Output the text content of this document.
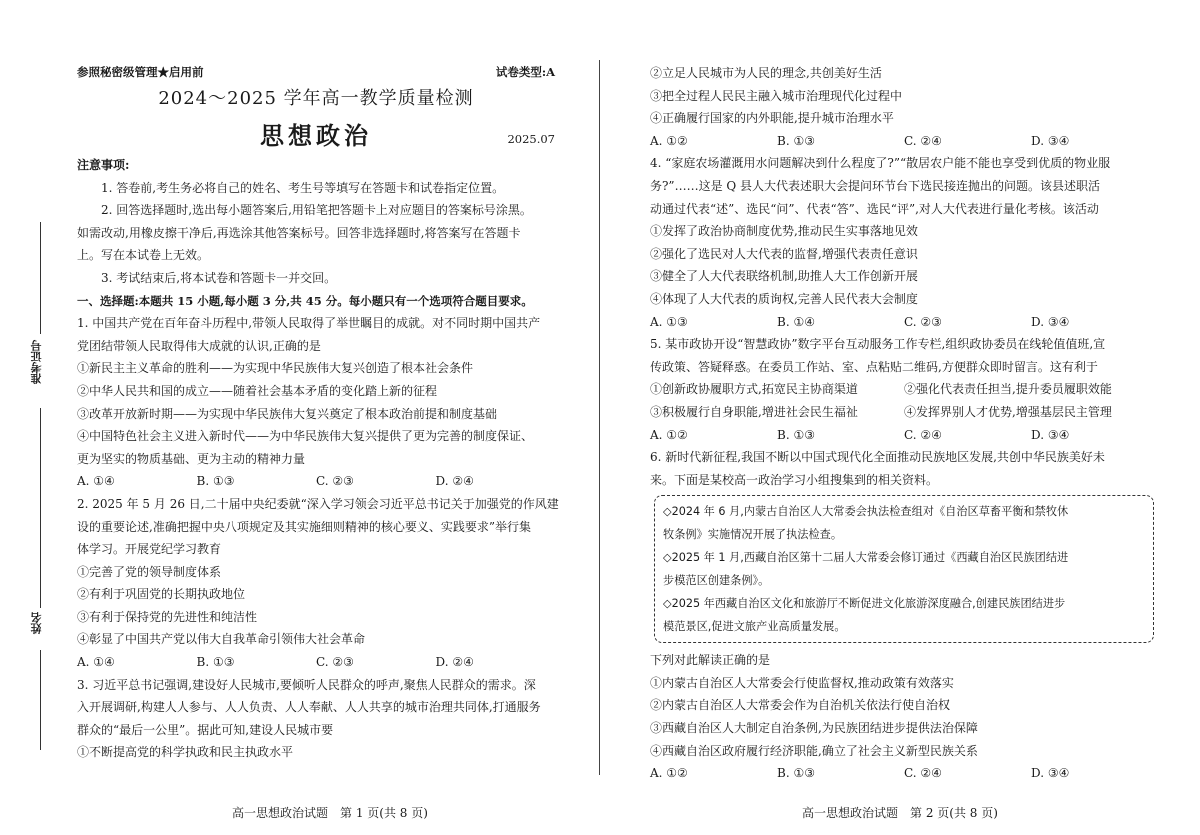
准考证号
姓名
参照秘密级管理★启用前	试卷类型:A
2024～2025 学年高一教学质量检测
思想政治	2025.07
注意事项:
1. 答卷前,考生务必将自己的姓名、考生号等填写在答题卡和试卷指定位置。
2. 回答选择题时,选出每小题答案后,用铅笔把答题卡上对应题目的答案标号涂黑。
如需改动,用橡皮擦干净后,再选涂其他答案标号。回答非选择题时,将答案写在答题卡
上。写在本试卷上无效。
3. 考试结束后,将本试卷和答题卡一并交回。
一、选择题:本题共 15 小题,每小题 3 分,共 45 分。每小题只有一个选项符合题目要求。
1. 中国共产党在百年奋斗历程中,带领人民取得了举世瞩目的成就。对不同时期中国共产
党团结带领人民取得伟大成就的认识,正确的是
①新民主主义革命的胜利——为实现中华民族伟大复兴创造了根本社会条件
②中华人民共和国的成立——随着社会基本矛盾的变化踏上新的征程
③改革开放新时期——为实现中华民族伟大复兴奠定了根本政治前提和制度基础
④中国特色社会主义进入新时代——为中华民族伟大复兴提供了更为完善的制度保证、
更为坚实的物质基础、更为主动的精神力量
A. ①④	B. ①③	C. ②③	D. ②④
2. 2025 年 5 月 26 日,二十届中央纪委就“深入学习领会习近平总书记关于加强党的作风建
设的重要论述,准确把握中央八项规定及其实施细则精神的核心要义、实践要求”举行集
体学习。开展党纪学习教育
①完善了党的领导制度体系
②有利于巩固党的长期执政地位
③有利于保持党的先进性和纯洁性
④彰显了中国共产党以伟大自我革命引领伟大社会革命
A. ①④	B. ①③	C. ②③	D. ②④
3. 习近平总书记强调,建设好人民城市,要倾听人民群众的呼声,聚焦人民群众的需求。深
入开展调研,构建人人参与、人人负责、人人奉献、人人共享的城市治理共同体,打通服务
群众的“最后一公里”。据此可知,建设人民城市要
①不断提高党的科学执政和民主执政水平
高一思想政治试题　第 1 页(共 8 页)
②立足人民城市为人民的理念,共创美好生活
③把全过程人民民主融入城市治理现代化过程中
④正确履行国家的内外职能,提升城市治理水平
A. ①②	B. ①③	C. ②④	D. ③④
4. “家庭农场灌溉用水问题解决到什么程度了?”“散居农户能不能也享受到优质的物业服
务?”……这是 Q 县人大代表述职大会提问环节台下选民接连抛出的问题。该县述职活
动通过代表“述”、选民“问”、代表“答”、选民“评”,对人大代表进行量化考核。该活动
①发挥了政治协商制度优势,推动民生实事落地见效
②强化了选民对人大代表的监督,增强代表责任意识
③健全了人大代表联络机制,助推人大工作创新开展
④体现了人大代表的质询权,完善人民代表大会制度
A. ①③	B. ①④	C. ②③	D. ③④
5. 某市政协开设“智慧政协”数字平台互动服务工作专栏,组织政协委员在线轮值值班,宣
传政策、答疑释惑。在委员工作站、室、点粘贴二维码,方便群众即时留言。这有利于
①创新政协履职方式,拓宽民主协商渠道	②强化代表责任担当,提升委员履职效能
③积极履行自身职能,增进社会民生福祉	④发挥界别人才优势,增强基层民主管理
A. ①②	B. ①③	C. ②④	D. ③④
6. 新时代新征程,我国不断以中国式现代化全面推动民族地区发展,共创中华民族美好未
来。下面是某校高一政治学习小组搜集到的相关资料。
◇2024 年 6 月,内蒙古自治区人大常委会执法检查组对《自治区草畜平衡和禁牧休
牧条例》实施情况开展了执法检查。
◇2025 年 1 月,西藏自治区第十二届人大常委会修订通过《西藏自治区民族团结进
步模范区创建条例》。
◇2025 年西藏自治区文化和旅游厅不断促进文化旅游深度融合,创建民族团结进步
模范景区,促进文旅产业高质量发展。
下列对此解读正确的是
①内蒙古自治区人大常委会行使监督权,推动政策有效落实
②内蒙古自治区人大常委会作为自治机关依法行使自治权
③西藏自治区人大制定自治条例,为民族团结进步提供法治保障
④西藏自治区政府履行经济职能,确立了社会主义新型民族关系
A. ①②	B. ①③	C. ②④	D. ③④
高一思想政治试题　第 2 页(共 8 页)
